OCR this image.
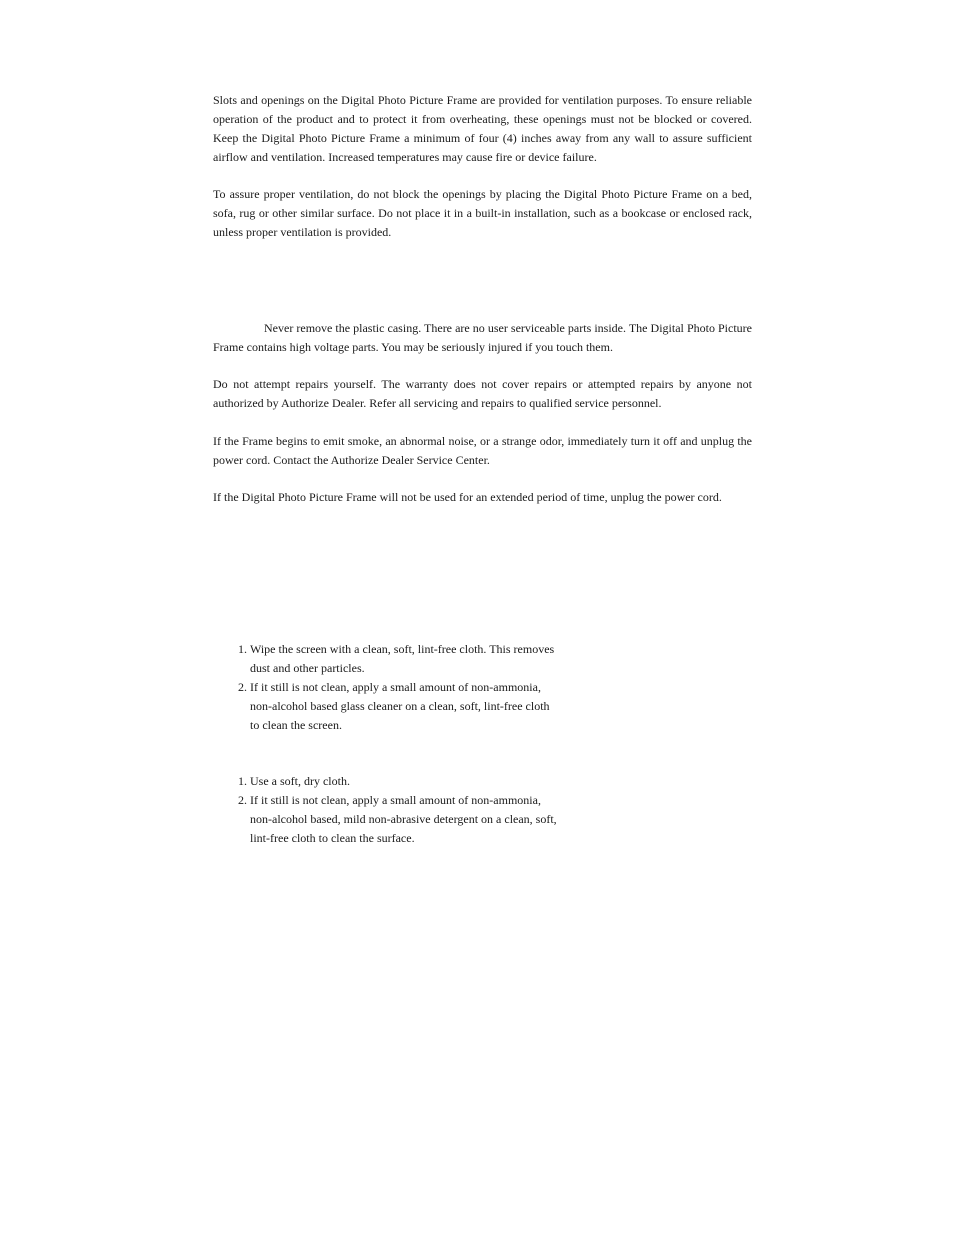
Slots and openings on the Digital Photo Picture Frame are provided for ventilation purposes. To ensure reliable operation of the product and to protect it from overheating, these openings must not be blocked or covered. Keep the Digital Photo Picture Frame a minimum of four (4) inches away from any wall to assure sufficient airflow and ventilation. Increased temperatures may cause fire or device failure.

To assure proper ventilation, do not block the openings by placing the Digital Photo Picture Frame on a bed, sofa, rug or other similar surface. Do not place it in a built-in installation, such as a bookcase or enclosed rack, unless proper ventilation is provided.

Never remove the plastic casing. There are no user serviceable parts inside. The Digital Photo Picture Frame contains high voltage parts. You may be seriously injured if you touch them.

Do not attempt repairs yourself. The warranty does not cover repairs or attempted repairs by anyone not authorized by Authorize Dealer. Refer all servicing and repairs to qualified service personnel.

If the Frame begins to emit smoke, an abnormal noise, or a strange odor, immediately turn it off and unplug the power cord. Contact the Authorize Dealer Service Center.

If the Digital Photo Picture Frame will not be used for an extended period of time, unplug the power cord.

1. Wipe the screen with a clean, soft, lint-free cloth. This removes
dust and other particles.
2. If it still is not clean, apply a small amount of non-ammonia,
non-alcohol based glass cleaner on a clean, soft, lint-free cloth
to clean the screen.
1. Use a soft, dry cloth.
2. If it still is not clean, apply a small amount of non-ammonia,
non-alcohol based, mild non-abrasive detergent on a clean, soft,
lint-free cloth to clean the surface.
